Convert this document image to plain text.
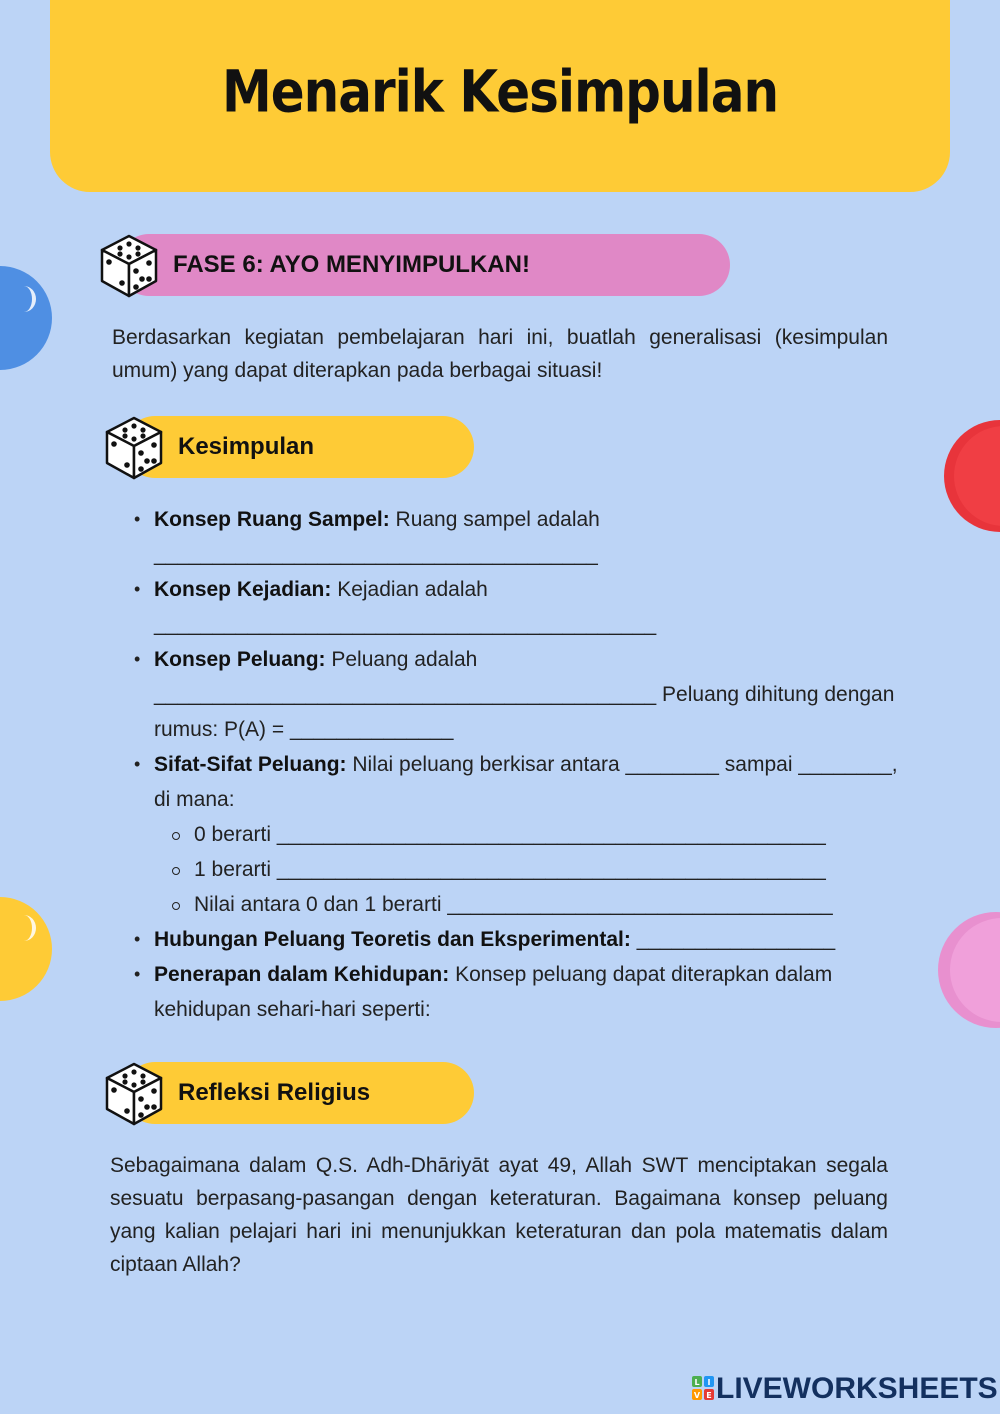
Menarik Kesimpulan
FASE 6: AYO MENYIMPULKAN!
Berdasarkan kegiatan pembelajaran hari ini, buatlah generalisasi (kesimpulan umum) yang dapat diterapkan pada berbagai situasi!
Kesimpulan
• Konsep Ruang Sampel: Ruang sampel adalah ______________________________________
• Konsep Kejadian: Kejadian adalah ___________________________________________
• Konsep Peluang: Peluang adalah ___________________________________________ Peluang dihitung dengan rumus: P(A) = ______________
• Sifat-Sifat Peluang: Nilai peluang berkisar antara ________ sampai ________, di mana:
0 berarti _______________________________________________
1 berarti _______________________________________________
Nilai antara 0 dan 1 berarti _________________________________
• Hubungan Peluang Teoretis dan Eksperimental: _________________
• Penerapan dalam Kehidupan: Konsep peluang dapat diterapkan dalam kehidupan sehari-hari seperti:
Refleksi Religius
Sebagaimana dalam Q.S. Adh-Dhāriyāt ayat 49, Allah SWT menciptakan segala sesuatu berpasang-pasangan dengan keteraturan. Bagaimana konsep peluang yang kalian pelajari hari ini menunjukkan keteraturan dan pola matematis dalam ciptaan Allah?
L I
V E LIVEWORKSHEETS
